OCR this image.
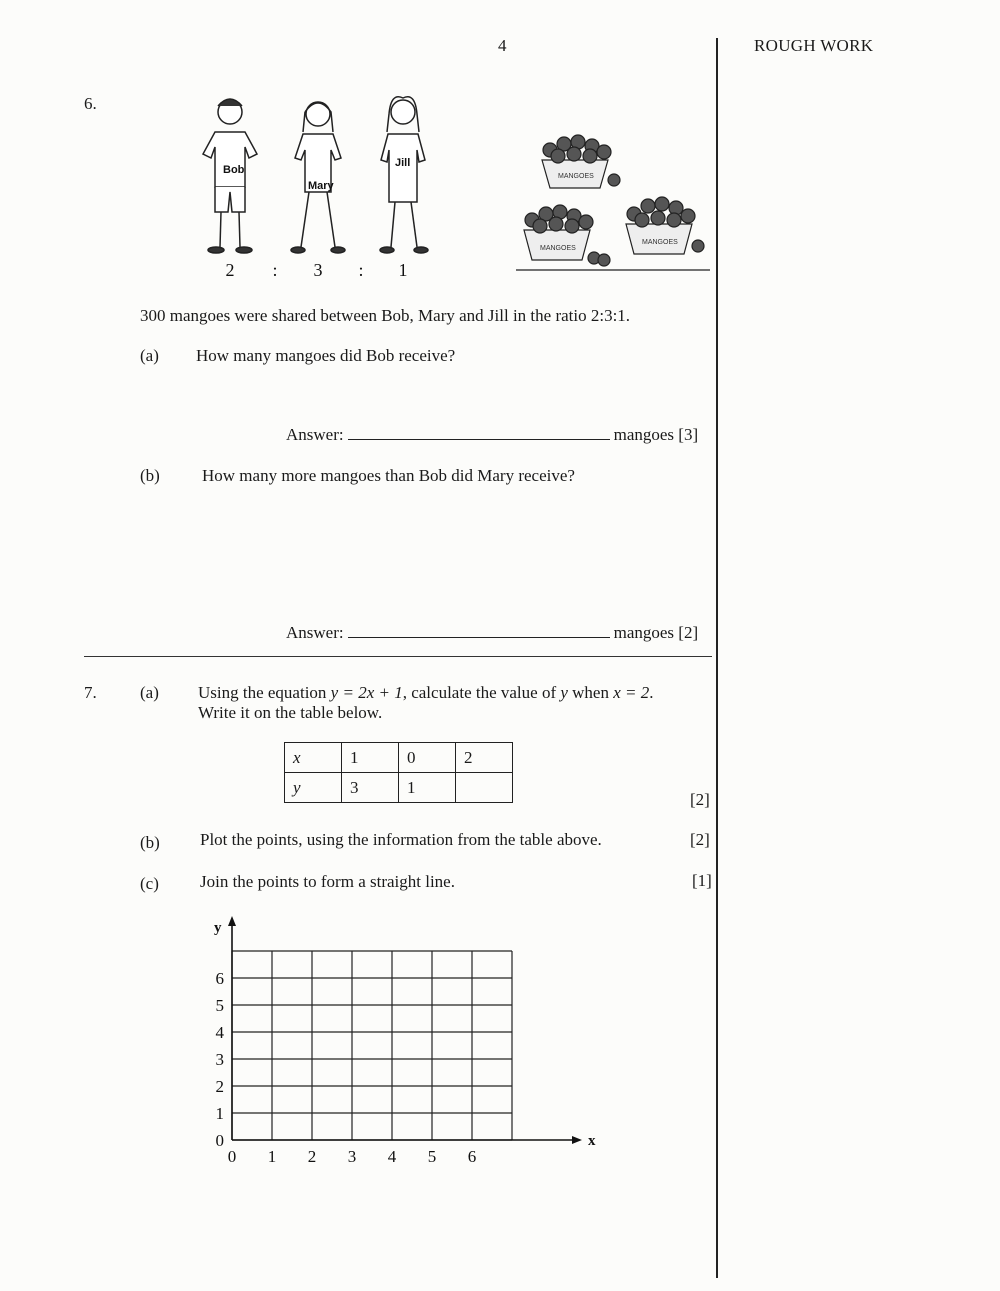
4	ROUGH WORK
6.
Bob
Mary
Jill
2 : 3 : 1
MANGOES
MANGOES
MANGOES
300 mangoes were shared between Bob, Mary and Jill in the ratio 2:3:1.
(a) How many mangoes did Bob receive?
Answer:	mangoes [3]
(b) How many more mangoes than Bob did Mary receive?
Answer:	mangoes [2]
7.	(a) Using the equation y = 2x + 1, calculate the value of y when x = 2.
Write it on the table below.
x	1	0	2
y	3	1	
[2]
(b) Plot the points, using the information from the table above.	[2]
(c) Join the points to form a straight line.	[1]
0 1 2 3 4 5 6
0
1
2
3
4
5
6
x
y
